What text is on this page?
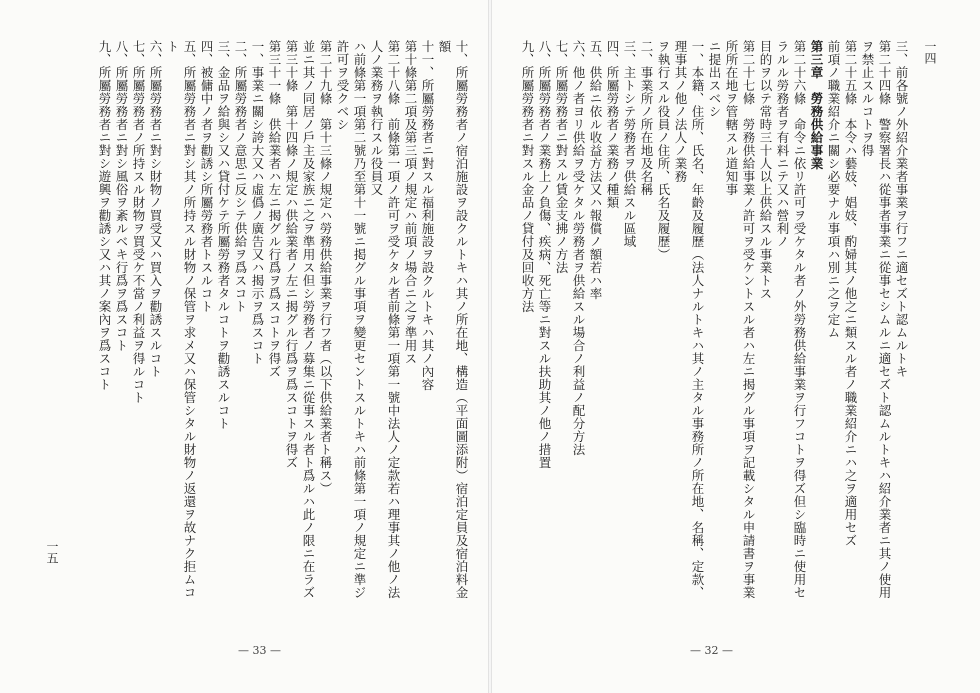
十、所屬勞務者ノ宿泊施設ヲ設クルトキハ其ノ所在地、構造（平面圖添附）宿泊定員及宿泊料金額
十一、所屬勞務者ニ對スル福利施設ヲ設クルトキハ其ノ內容
第十條第二項及第三項ノ規定ハ前項ノ場合ニ之ヲ準用ス
第二十八條　前條第一項ノ許可ヲ受ケタル者前條第一項第一號中法人ノ定款若ハ理事其ノ他ノ法人ノ業務ヲ執行スル役員又
ハ前條第一項第二號乃至第十一號ニ掲グル事項ヲ變更セントスルトキハ前條第一項ノ規定ニ準ジ許可ヲ受クベシ
第二十九條　第十三條ノ規定ハ勞務供給事業ヲ行フ者（以下供給業者ト稱ス）
並ニ其ノ同居ノ戶主及家族ニ之ヲ準用ス但シ勞務者ノ募集ニ從事スル者ト爲ルハ此ノ限ニ在ラズ
第三十條　第十四條ノ規定ハ供給業者ノ左ニ揭グル行爲ヲ爲スコトヲ得ズ
第三十一條　供給業者ハ左ニ揭グル行爲ヲ爲スコトヲ得ズ
一、事業ニ關シ誇大又ハ虛僞ノ廣告又ハ揭示ヲ爲スコト
二、所屬勞務者ノ意思ニ反シテ供給ヲ爲スコト
三、金品ヲ給與シ又ハ貸付ケテ所屬勞務者タルコトヲ勸誘スルコト
四、被傭中ノ者ヲ勸誘シ所屬勞務者トスルコト
五、所屬勞務者ニ對シ其ノ所持スル財物ノ保管ヲ求メ又ハ保管シタル財物ノ返還ヲ故ナク拒ムコト
六、所屬勞務者ニ對シ財物ノ買受又ハ買入ヲ勸誘スルコト
七、所屬勞務者ノ所持スル財物ヲ買受ケ不當ノ利益ヲ得ルコト
八、所屬勞務者ニ對シ風俗ヲ紊ルベキ行爲ヲ爲スコト
九、所屬勞務者ニ對シ遊興ヲ勸誘シ又ハ其ノ案內ヲ爲スコト
一五
— 33 —
三、前各號ノ外紹介業者事業ヲ行フニ適セズト認ムルトキ
第二十四條　警察署長ハ從事者事業ニ從事セシムルニ適セズト認ムルトキハ紹介業者ニ其ノ使用ヲ禁止スルコトヲ得
第二十五條　本令ハ藝妓、娼妓、酌婦其ノ他之ニ類スル者ノ職業紹介ニハ之ヲ適用セズ
前項ノ職業紹介ニ關シ必要ナル事項ハ別ニ之ヲ定ム
第三章　勞務供給事業
第二十六條　命令ニ依リ許可ヲ受ケタル者ノ外勞務供給事業ヲ行フコトヲ得ズ但シ臨時ニ使用セラルル勞務者ヲ有料ニテ又ハ營利ノ
目的ヲ以テ常時三十人以上供給スル事業トス
第二十七條　勞務供給事業ノ許可ヲ受ケントスル者ハ左ニ揭グル事項ヲ記載シタル申請書ヲ事業所所在地ヲ管轄スル道知事
ニ提出スベシ
一、本籍、住所、氏名、年齡及履歷（法人ナルトキハ其ノ主タル事務所ノ所在地、名稱、定款、理事其ノ他ノ法人ノ業務
ヲ執行スル役員ノ住所、氏名及履歷）
二、事業所ノ所在地及名稱
三、主トシテ勞務者ヲ供給スル區域
四、所屬勞務者ノ業務ノ種類
五、供給ニ依ル收益方法又ハ報償ノ額若ハ率
六、他ノ者ヨリ供給ヲ受ケタル勞務者ヲ供給スル場合ノ利益ノ配分方法
七、所屬勞務者ニ對スル賃金支拂ノ方法
八、所屬勞務者ノ業務上ノ負傷、疾病、死亡等ニ對スル扶助其ノ他ノ措置
九、所屬勞務者ニ對スル金品ノ貸付及回收方法	一四
— 32 —
